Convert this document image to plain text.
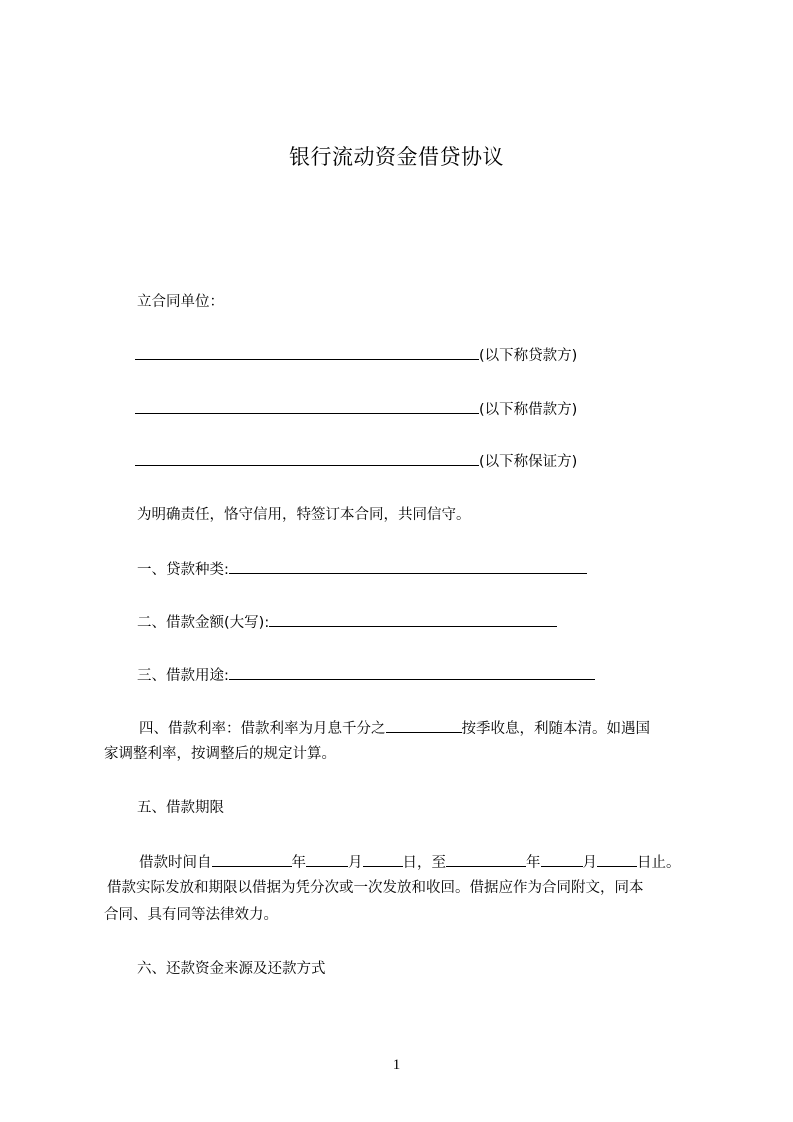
银行流动资金借贷协议
立合同单位：
(以下称贷款方)
(以下称借款方)
(以下称保证方)
为明确责任，恪守信用，特签订本合同，共同信守。
一、贷款种类:
二、借款金额(大写):
三、借款用途:
四、借款利率：借款利率为月息千分之	按季收息，利随本清。如遇国
家调整利率，按调整后的规定计算。
五、借款期限
借款时间自	年	月	日，至	年	月	日止。
借款实际发放和期限以借据为凭分次或一次发放和收回。借据应作为合同附文，同本
合同、具有同等法律效力。
六、还款资金来源及还款方式
1
